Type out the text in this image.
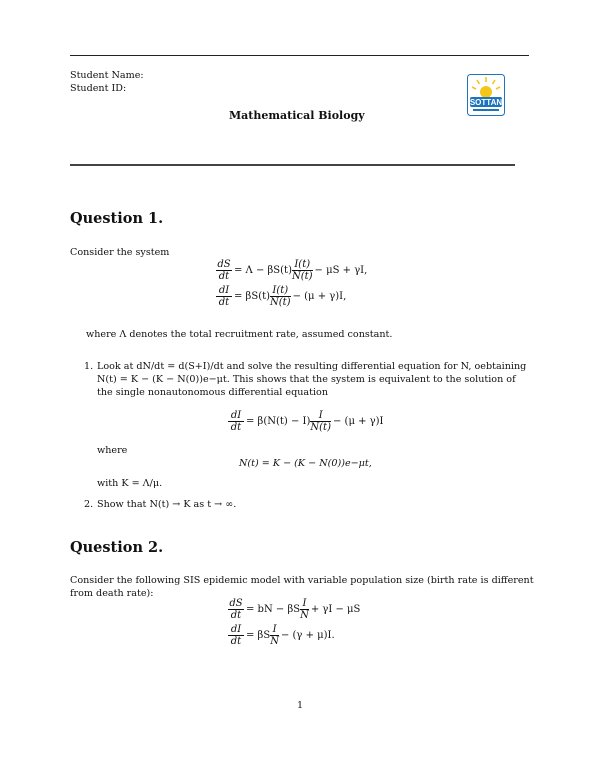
Student Name:
Student ID:
Mathematical Biology
SOTTAN
Question 1.
Consider the system
$\frac{dS}{dt} = \Lambda - \beta S(t) \frac{I(t)}{N(t)} - \mu S + \gamma I$,
$\frac{dI}{dt} = \beta S(t) \frac{I(t)}{N(t)} - (\mu + \gamma)I$,
where Λ denotes the total recruitment rate, assumed constant.
1. Look at dN/dt = d(S+I)/dt and solve the resulting differential equation for N, oebtaining
N(t) = K − (K − N(0))e−μt. This shows that the system is equivalent to the solution of
the single nonautonomous differential equation
$\frac{dI}{dt} = \beta(N(t) - I) \frac{I}{N(t)} - (\mu + \gamma)I$
where
N(t) = K − (K − N(0))e−μt,
with K = Λ/μ.
2. Show that N(t) → K as t → ∞.
Question 2.
Consider the following SIS epidemic model with variable population size (birth rate is different
from death rate):
$\frac{dS}{dt}$ = bN − βS $\frac{I}{N} + \gamma I - \mu S$
$\frac{dI}{dt} = \beta S \frac{I}{N} - (\gamma + \mu)I$.
1
